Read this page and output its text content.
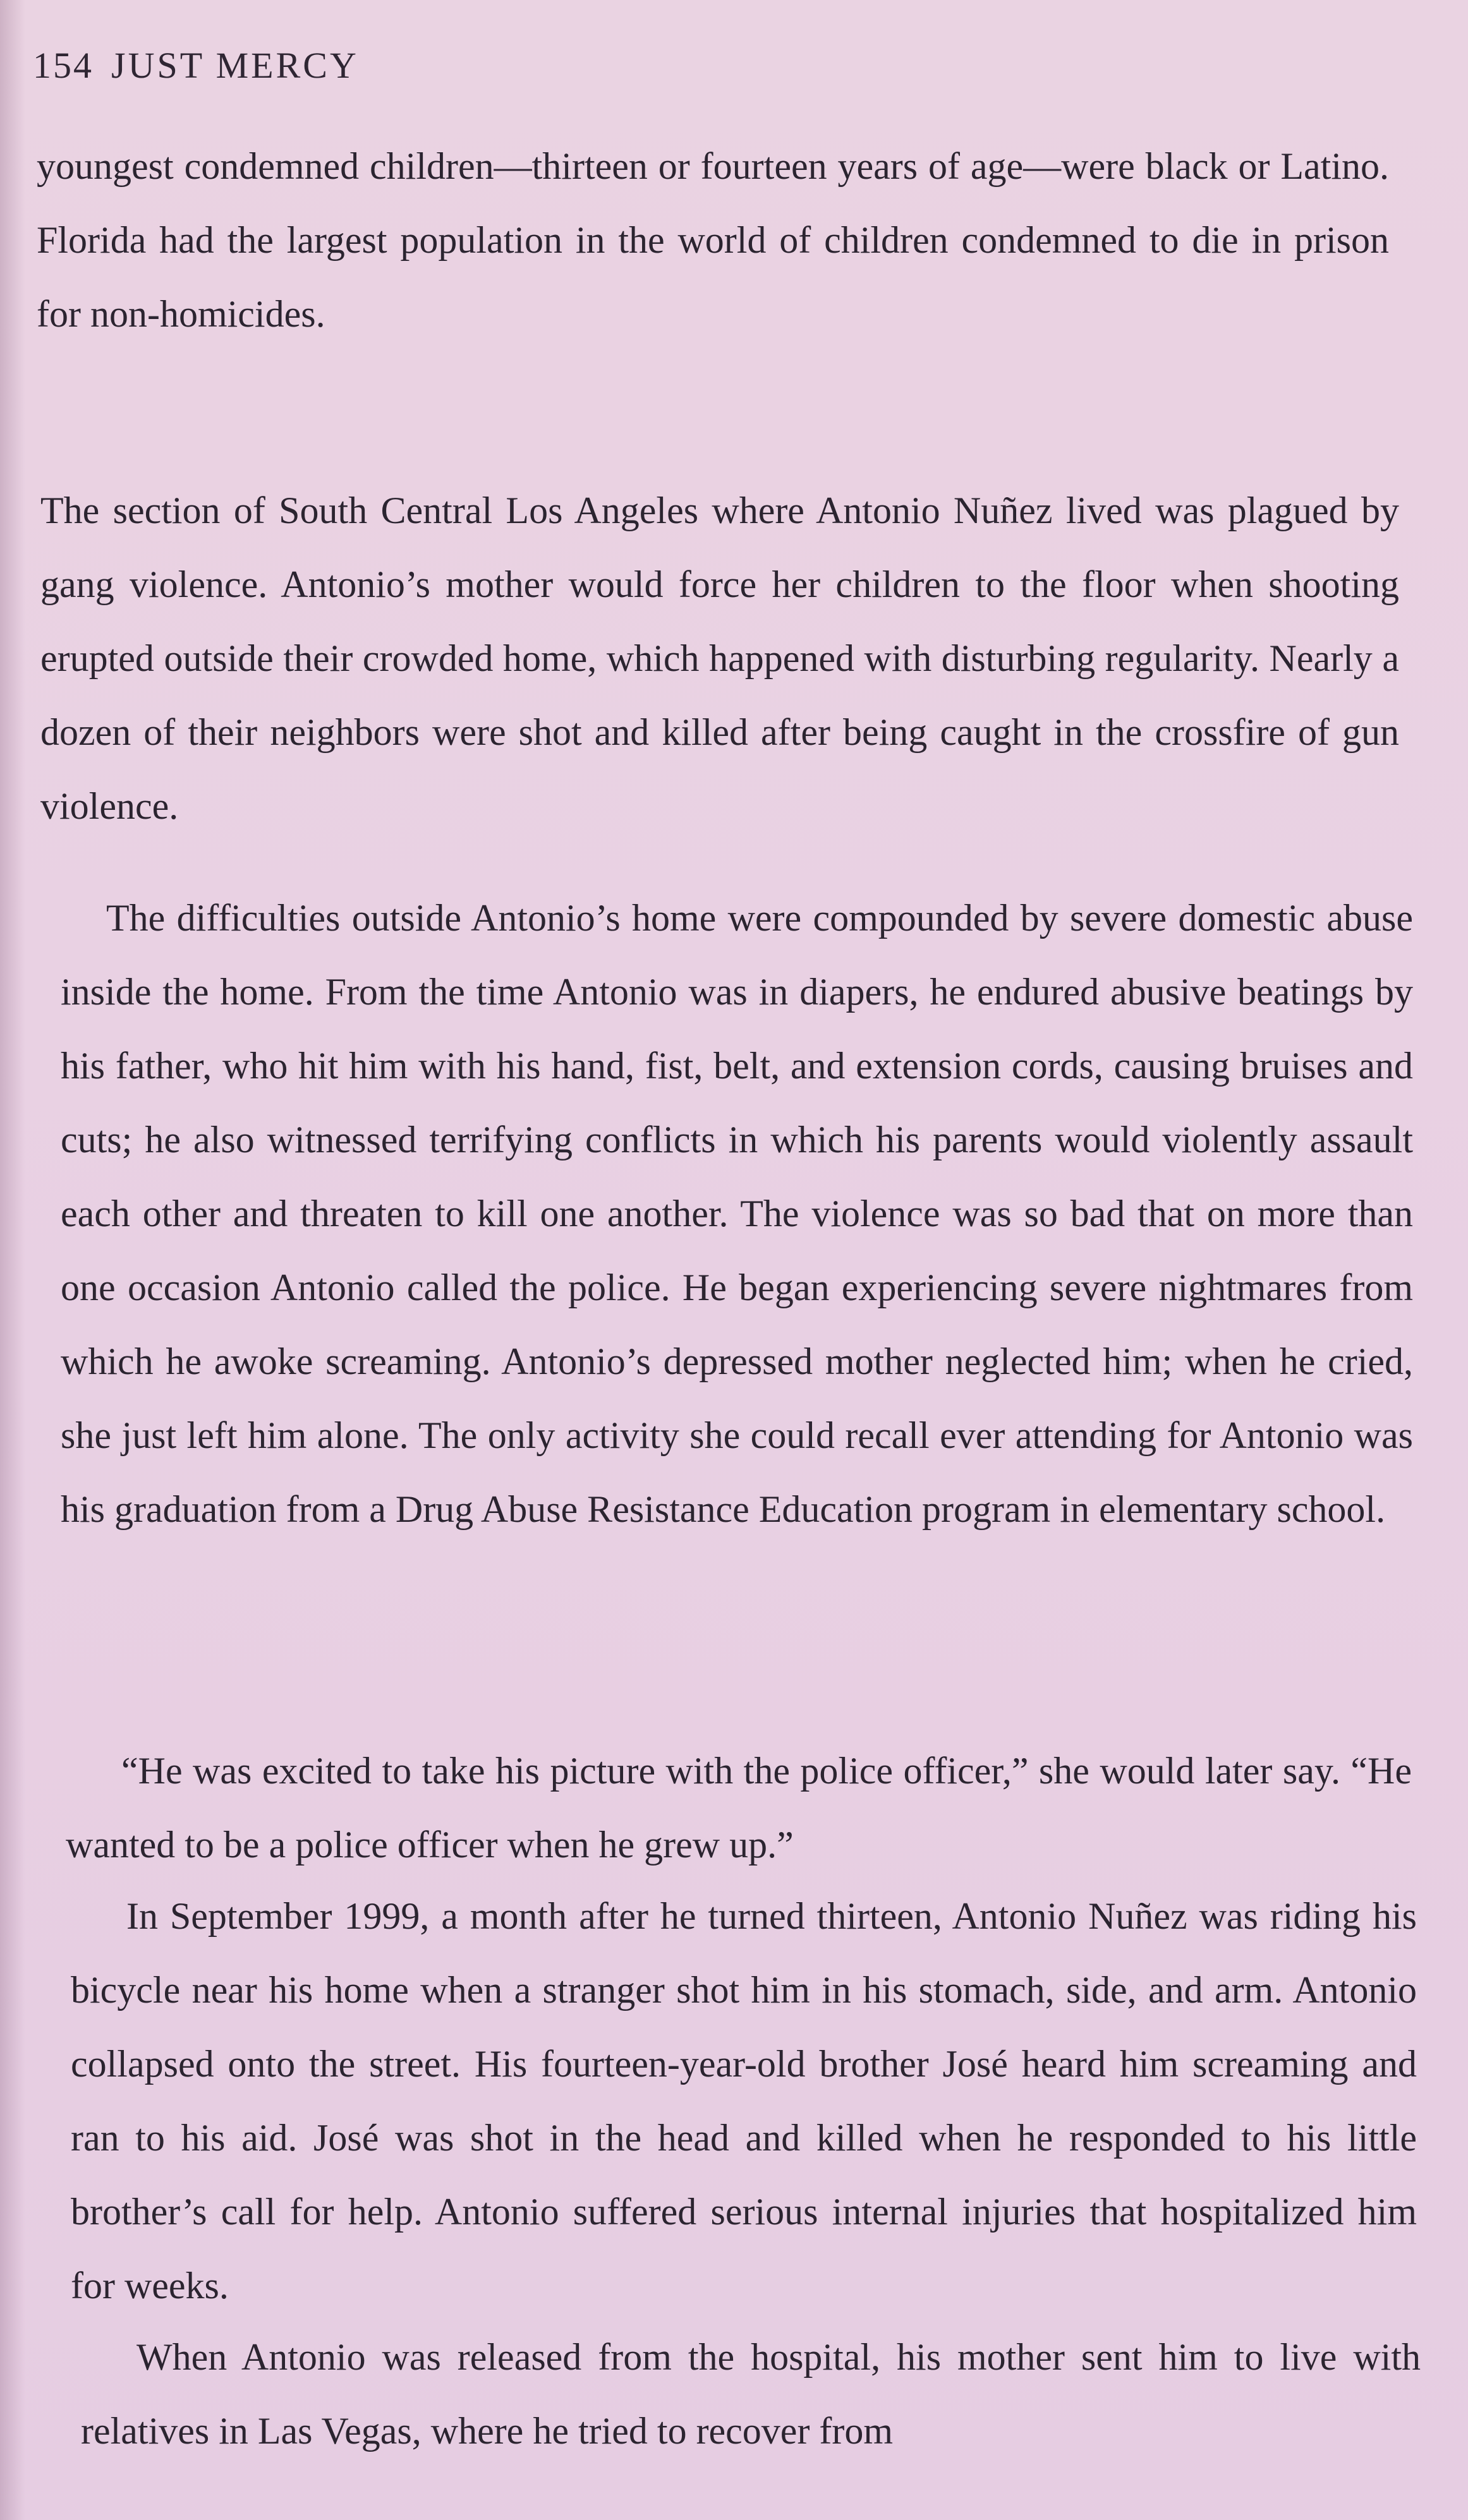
154 JUST MERCY

youngest condemned children—thirteen or fourteen years of age—were black or Latino. Florida had the largest population in the world of children condemned to die in prison for non-homicides.

The section of South Central Los Angeles where Antonio Nuñez lived was plagued by gang violence. Antonio’s mother would force her children to the floor when shooting erupted outside their crowded home, which happened with disturbing regularity. Nearly a dozen of their neighbors were shot and killed after being caught in the crossfire of gun violence.

The difficulties outside Antonio’s home were compounded by severe domestic abuse inside the home. From the time Antonio was in diapers, he endured abusive beatings by his father, who hit him with his hand, fist, belt, and extension cords, causing bruises and cuts; he also witnessed terrifying conflicts in which his parents would violently assault each other and threaten to kill one another. The violence was so bad that on more than one occasion Antonio called the police. He began experiencing severe nightmares from which he awoke screaming. Antonio’s depressed mother neglected him; when he cried, she just left him alone. The only activity she could recall ever attending for Antonio was his graduation from a Drug Abuse Resistance Education program in elementary school.

“He was excited to take his picture with the police officer,” she would later say. “He wanted to be a police officer when he grew up.”

In September 1999, a month after he turned thirteen, Antonio Nuñez was riding his bicycle near his home when a stranger shot him in his stomach, side, and arm. Antonio collapsed onto the street. His fourteen-year-old brother José heard him screaming and ran to his aid. José was shot in the head and killed when he responded to his little brother’s call for help. Antonio suffered serious internal injuries that hospitalized him for weeks.

When Antonio was released from the hospital, his mother sent him to live with relatives in Las Vegas, where he tried to recover from
